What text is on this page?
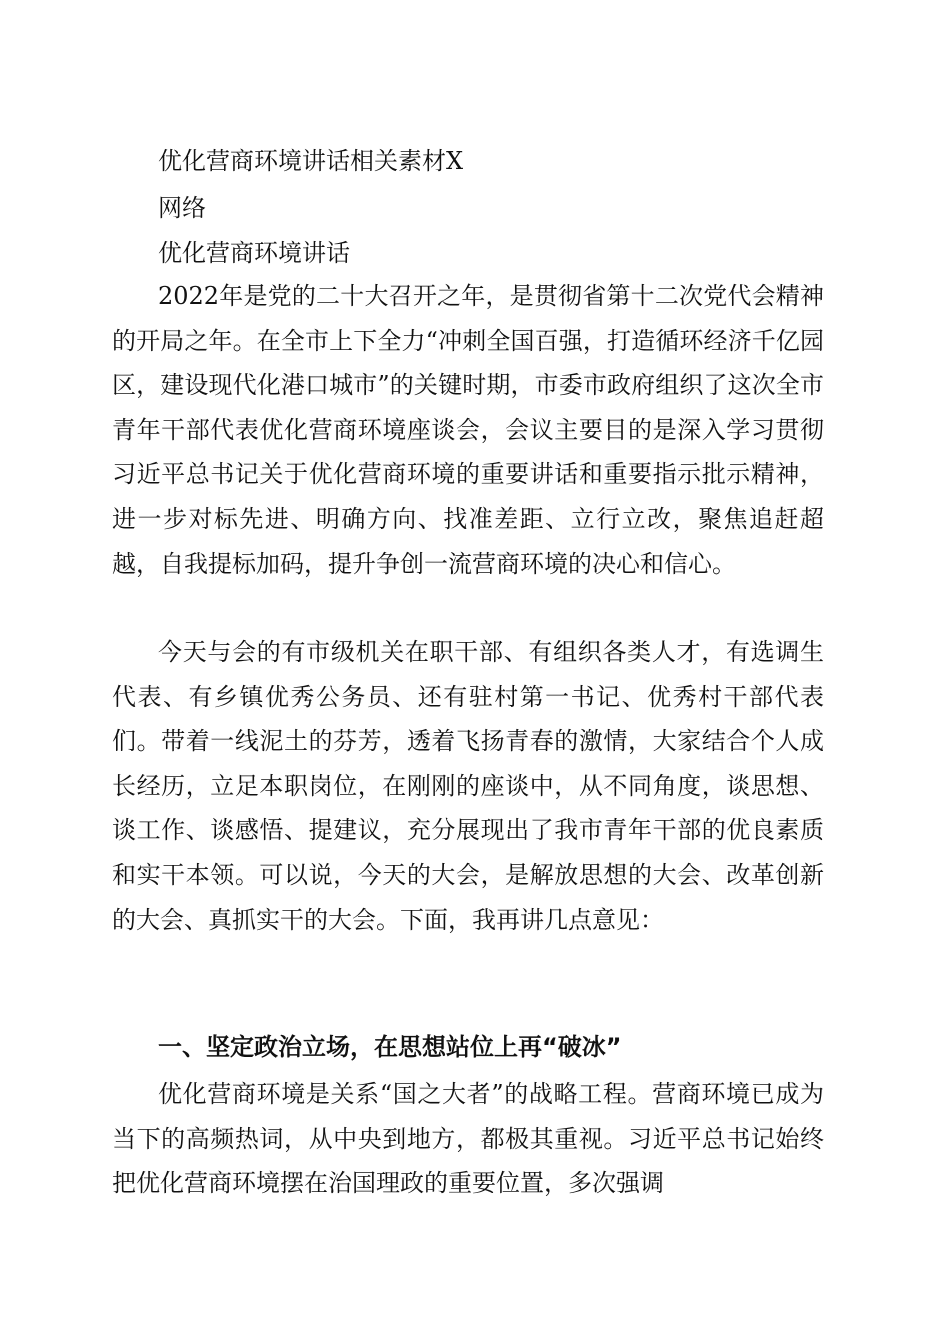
优化营商环境讲话相关素材X
网络
优化营商环境讲话

2022年是党的二十大召开之年，是贯彻省第十二次党代会精神的开局之年。在全市上下全力“冲刺全国百强，打造循环经济千亿园区，建设现代化港口城市”的关键时期，市委市政府组织了这次全市青年干部代表优化营商环境座谈会，会议主要目的是深入学习贯彻习近平总书记关于优化营商环境的重要讲话和重要指示批示精神，进一步对标先进、明确方向、找准差距、立行立改，聚焦追赶超越，自我提标加码，提升争创一流营商环境的决心和信心。

今天与会的有市级机关在职干部、有组织各类人才，有选调生代表、有乡镇优秀公务员、还有驻村第一书记、优秀村干部代表们。带着一线泥土的芬芳，透着飞扬青春的激情，大家结合个人成长经历，立足本职岗位，在刚刚的座谈中，从不同角度，谈思想、谈工作、谈感悟、提建议，充分展现出了我市青年干部的优良素质和实干本领。可以说，今天的大会，是解放思想的大会、改革创新的大会、真抓实干的大会。下面，我再讲几点意见：

一、坚定政治立场，在思想站位上再“破冰”

优化营商环境是关系“国之大者”的战略工程。营商环境已成为当下的高频热词，从中央到地方，都极其重视。习近平总书记始终把优化营商环境摆在治国理政的重要位置，多次强调
